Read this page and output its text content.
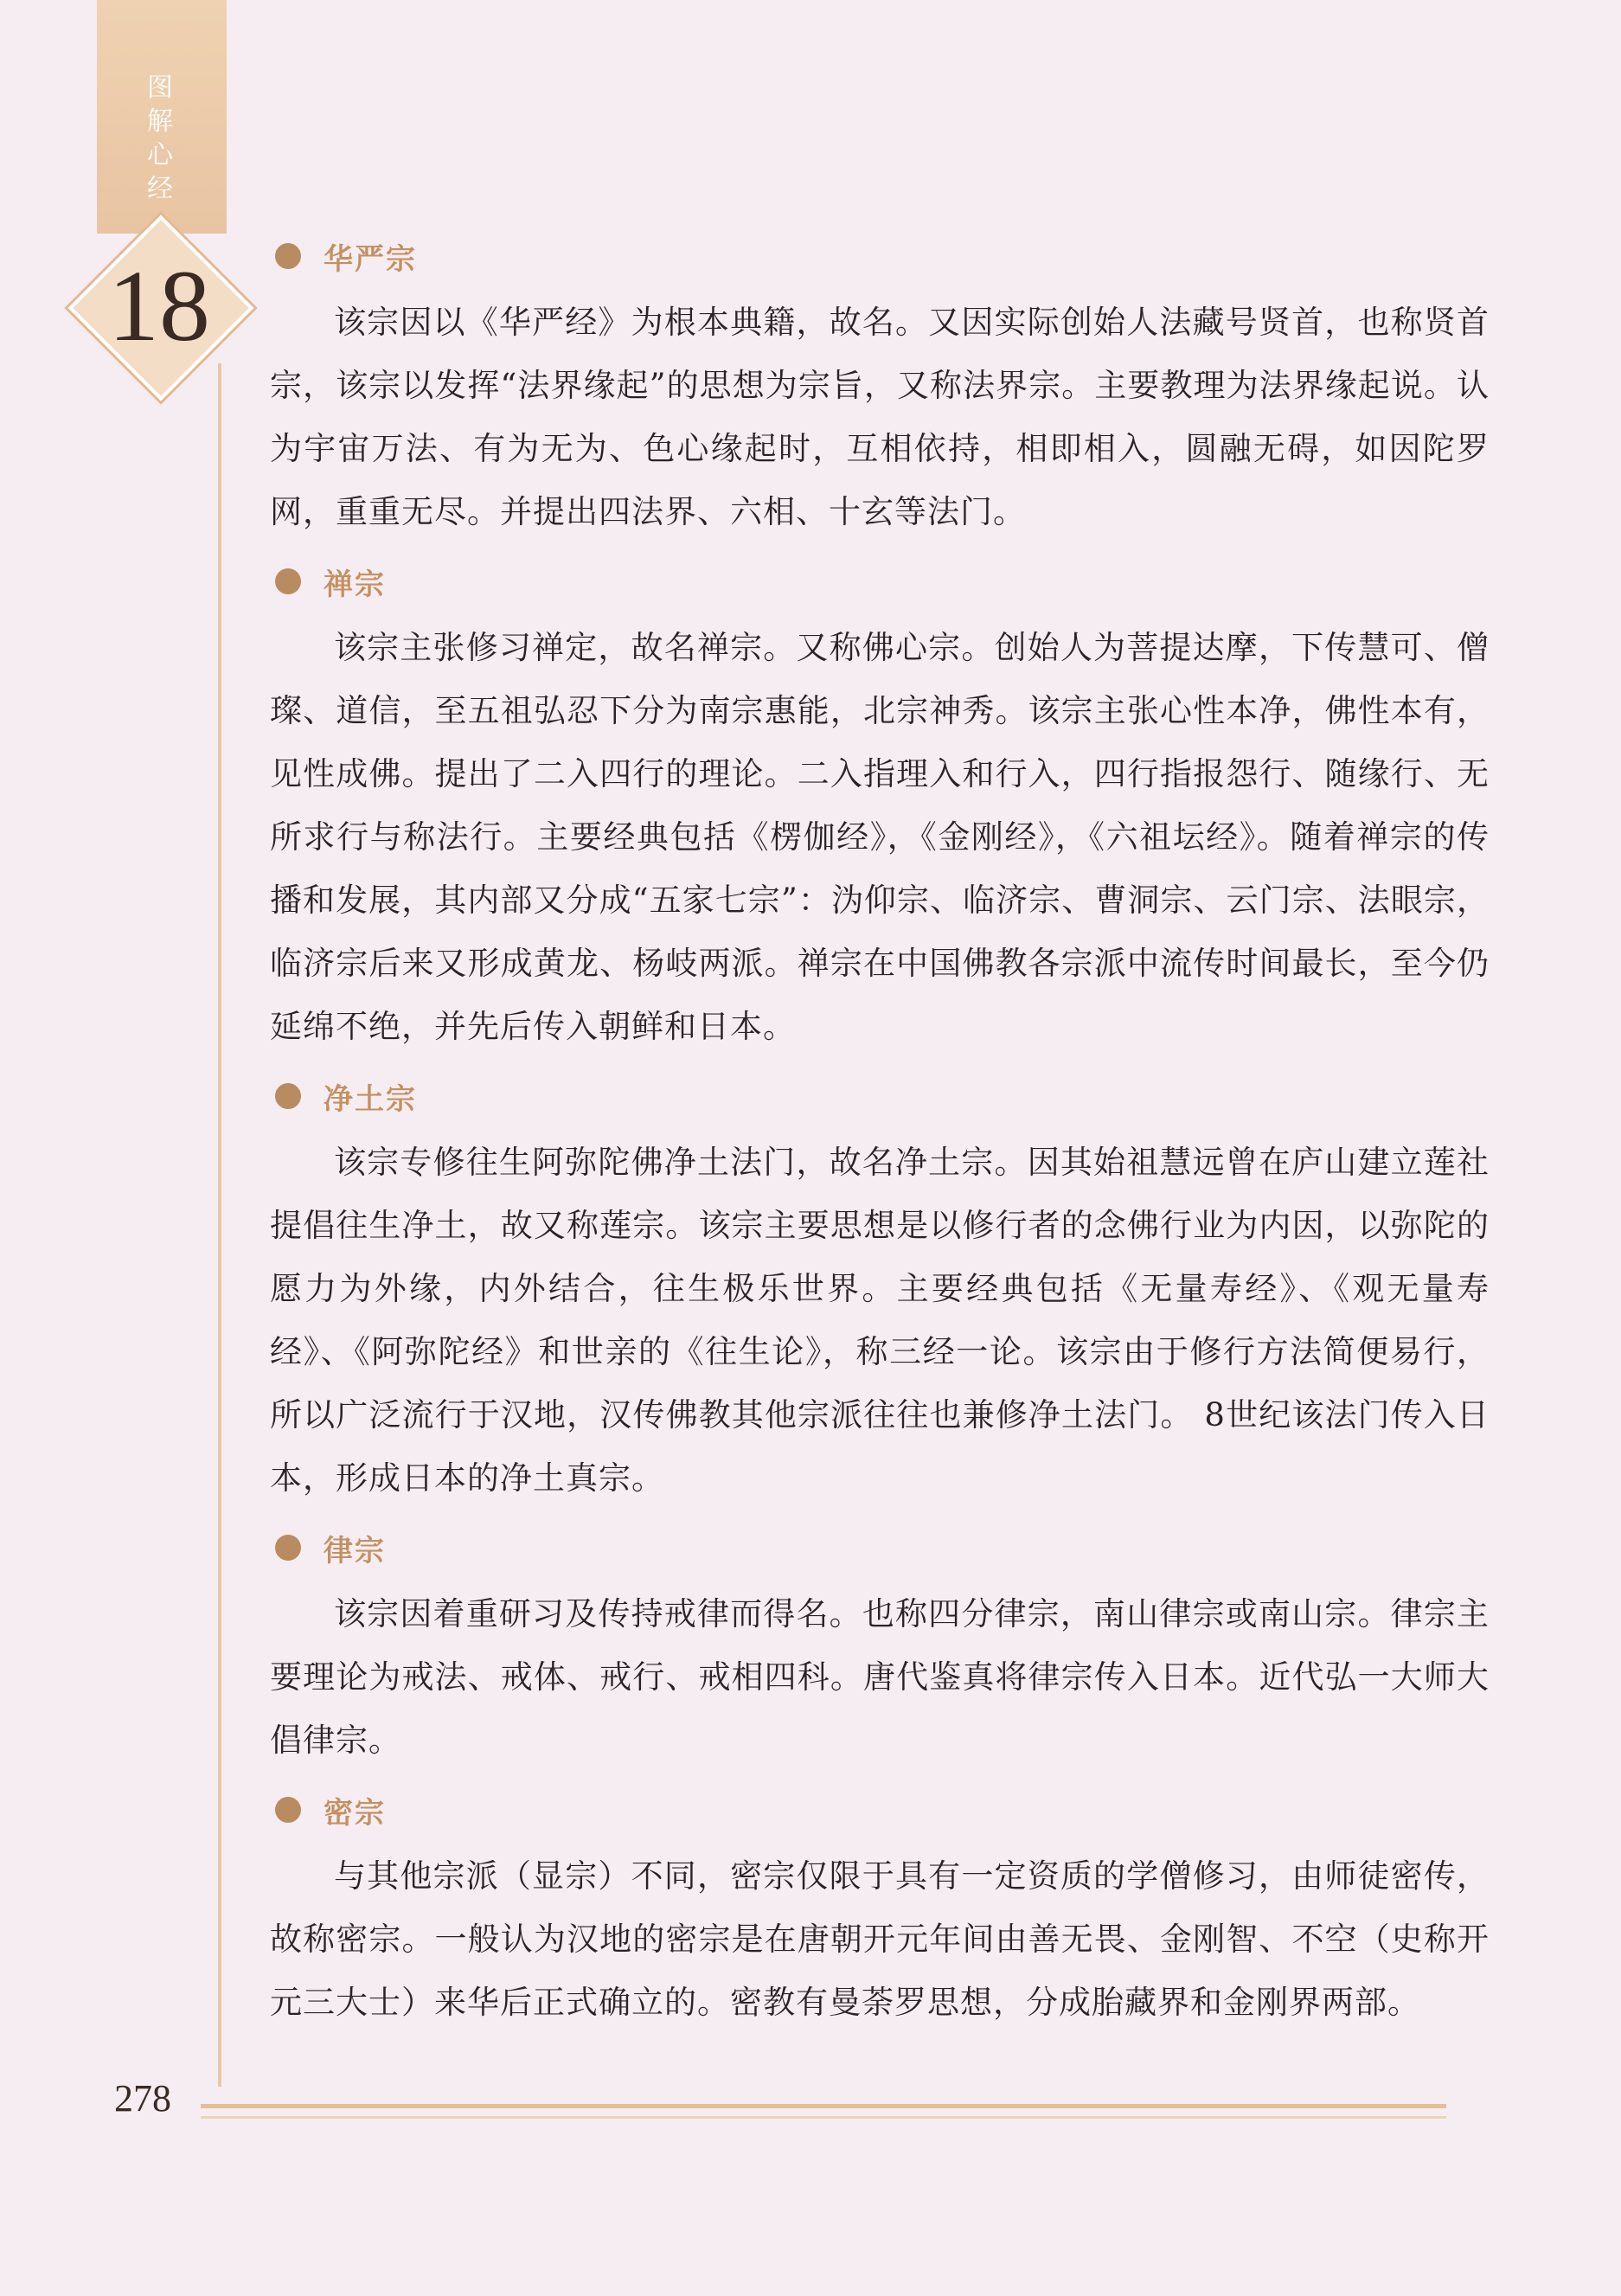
图
解
心
经
18	华严宗

该宗因以《华严经》为根本典籍，故名。又因实际创始人法藏号贤首，也称贤首宗，该宗以发挥“法界缘起”的思想为宗旨，又称法界宗。主要教理为法界缘起说。认为宇宙万法、有为无为、色心缘起时，互相依持，相即相入，圆融无碍，如因陀罗网，重重无尽。并提出四法界、六相、十玄等法门。

禅宗

该宗主张修习禅定，故名禅宗。又称佛心宗。创始人为菩提达摩，下传慧可、僧璨、道信，至五祖弘忍下分为南宗惠能，北宗神秀。该宗主张心性本净，佛性本有，见性成佛。提出了二入四行的理论。二入指理入和行入，四行指报怨行、随缘行、无所求行与称法行。主要经典包括《楞伽经》，《金刚经》，《六祖坛经》。随着禅宗的传播和发展，其内部又分成“五家七宗”：沩仰宗、临济宗、曹洞宗、云门宗、法眼宗，临济宗后来又形成黄龙、杨岐两派。禅宗在中国佛教各宗派中流传时间最长，至今仍延绵不绝，并先后传入朝鲜和日本。

净土宗

该宗专修往生阿弥陀佛净土法门，故名净土宗。因其始祖慧远曾在庐山建立莲社提倡往生净土，故又称莲宗。该宗主要思想是以修行者的念佛行业为内因，以弥陀的愿力为外缘，内外结合，往生极乐世界。主要经典包括《无量寿经》、《观无量寿经》、《阿弥陀经》和世亲的《往生论》，称三经一论。该宗由于修行方法简便易行，所以广泛流行于汉地，汉传佛教其他宗派往往也兼修净土法门。 8世纪该法门传入日本，形成日本的净土真宗。

律宗

该宗因着重研习及传持戒律而得名。也称四分律宗，南山律宗或南山宗。律宗主要理论为戒法、戒体、戒行、戒相四科。唐代鉴真将律宗传入日本。近代弘一大师大倡律宗。

密宗

与其他宗派（显宗）不同，密宗仅限于具有一定资质的学僧修习，由师徒密传，故称密宗。一般认为汉地的密宗是在唐朝开元年间由善无畏、金刚智、不空（史称开元三大士）来华后正式确立的。密教有曼荼罗思想，分成胎藏界和金刚界两部。

278
